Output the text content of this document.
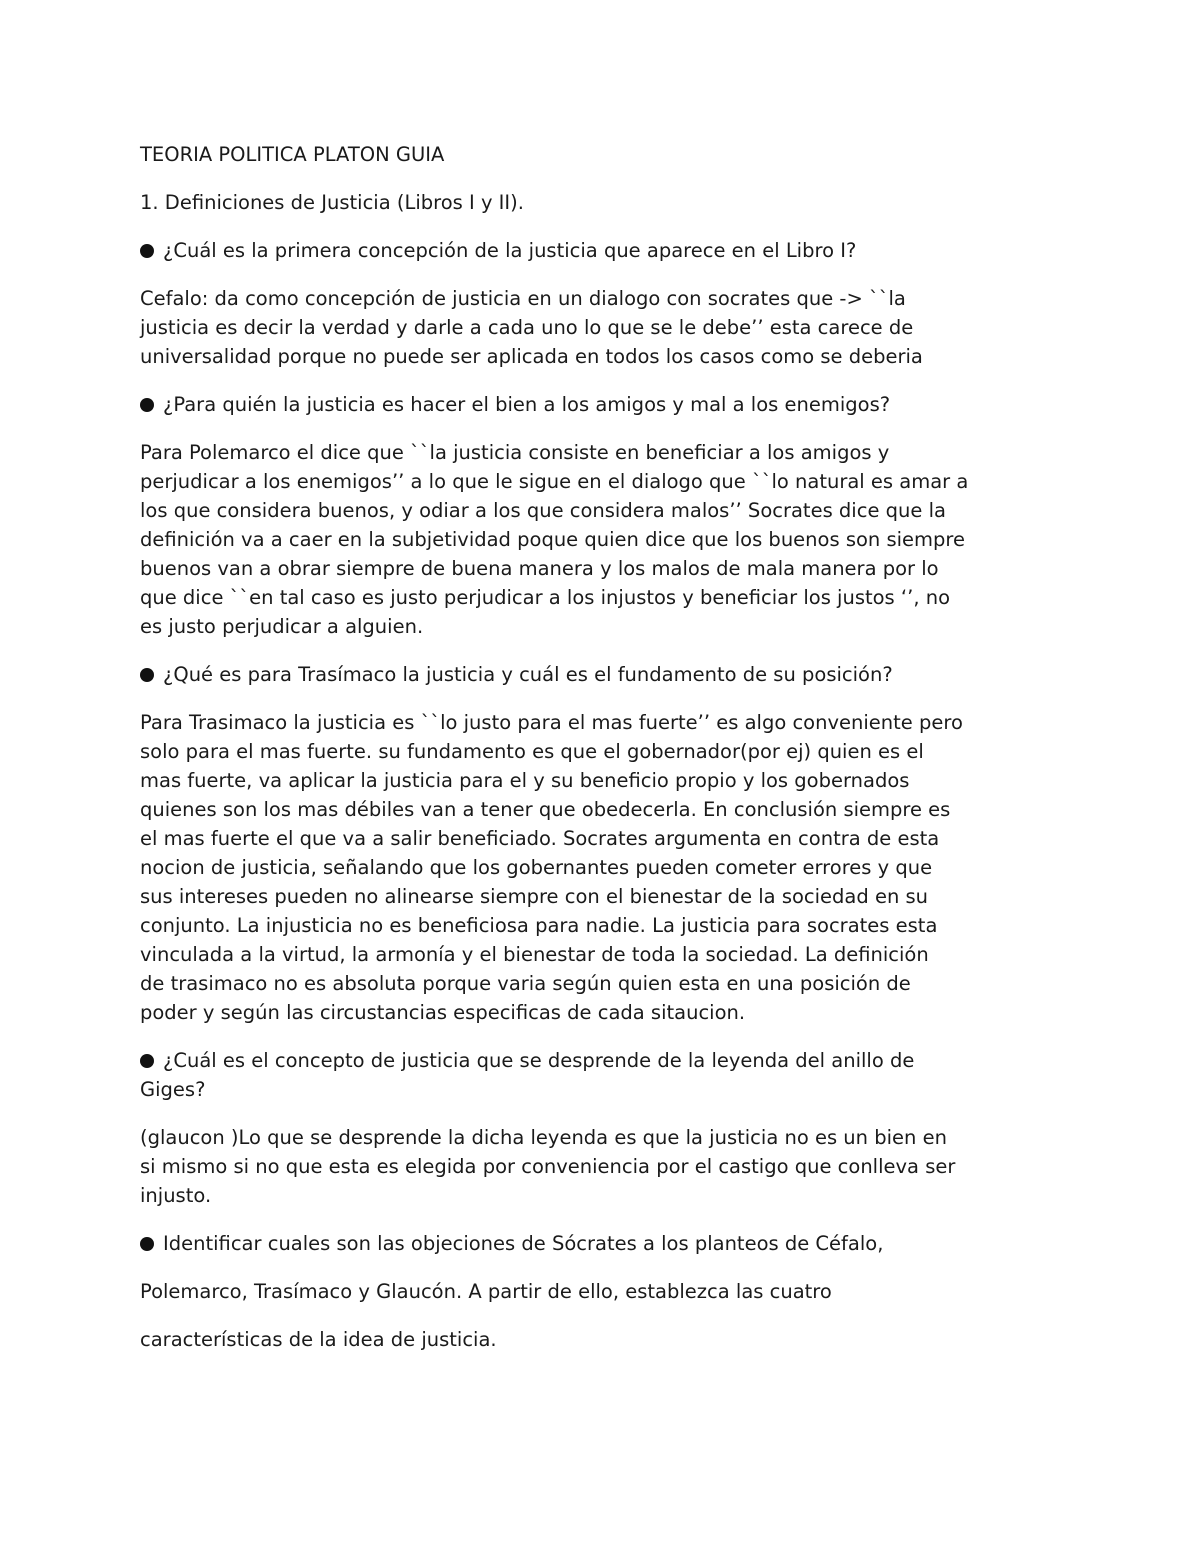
TEORIA POLITICA PLATON GUIA

1. Definiciones de Justicia (Libros I y II).

¿Cuál es la primera concepción de la justicia que aparece en el Libro I?

Cefalo: da como concepción de justicia en un dialogo con socrates que -> ``la

justicia es decir la verdad y darle a cada uno lo que se le debe’’ esta carece de

universalidad porque no puede ser aplicada en todos los casos como se deberia

¿Para quién la justicia es hacer el bien a los amigos y mal a los enemigos?

Para Polemarco el dice que ``la justicia consiste en beneficiar a los amigos y

perjudicar a los enemigos’’ a lo que le sigue en el dialogo que ``lo natural es amar a

los que considera buenos, y odiar a los que considera malos’’ Socrates dice que la

definición va a caer en la subjetividad poque quien dice que los buenos son siempre

buenos van a obrar siempre de buena manera y los malos de mala manera por lo

que dice ``en tal caso es justo perjudicar a los injustos y beneficiar los justos ‘’, no

es justo perjudicar a alguien.

¿Qué es para Trasímaco la justicia y cuál es el fundamento de su posición?

Para Trasimaco la justicia es ``lo justo para el mas fuerte’’ es algo conveniente pero

solo para el mas fuerte. su fundamento es que el gobernador(por ej) quien es el

mas fuerte, va aplicar la justicia para el y su beneficio propio y los gobernados

quienes son los mas débiles van a tener que obedecerla. En conclusión siempre es

el mas fuerte el que va a salir beneficiado. Socrates argumenta en contra de esta

nocion de justicia, señalando que los gobernantes pueden cometer errores y que

sus intereses pueden no alinearse siempre con el bienestar de la sociedad en su

conjunto. La injusticia no es beneficiosa para nadie. La justicia para socrates esta

vinculada a la virtud, la armonía y el bienestar de toda la sociedad. La definición

de trasimaco no es absoluta porque varia según quien esta en una posición de

poder y según las circustancias especificas de cada sitaucion.

¿Cuál es el concepto de justicia que se desprende de la leyenda del anillo de

Giges?

(glaucon )Lo que se desprende la dicha leyenda es que la justicia no es un bien en

si mismo si no que esta es elegida por conveniencia por el castigo que conlleva ser

injusto.

Identificar cuales son las objeciones de Sócrates a los planteos de Céfalo,

Polemarco, Trasímaco y Glaucón. A partir de ello, establezca las cuatro

características de la idea de justicia.
